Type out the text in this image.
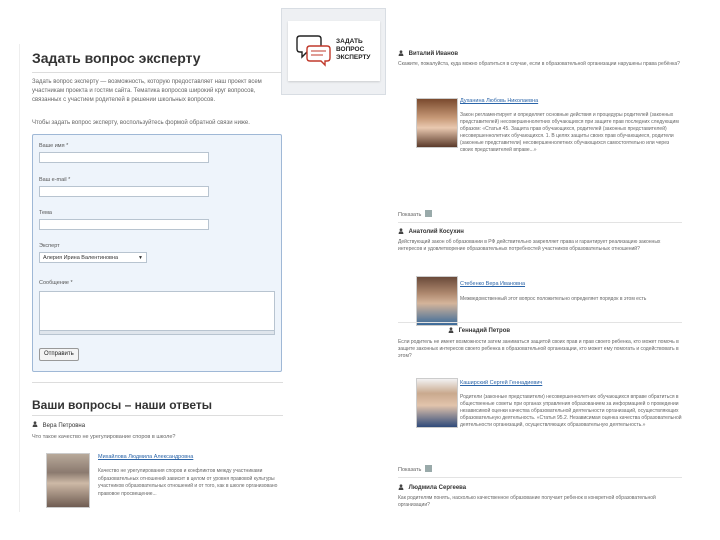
Задать вопрос эксперту
Задать вопрос эксперту — возможность, которую предоставляет наш проект всем участникам проекта и гостям сайта. Тематика вопросов широкий круг вопросов, связанных с участием родителей в решении школьных вопросов.
Чтобы задать вопрос эксперту, воспользуйтесь формой обратной связи ниже.
Ваше имя *
Ваш e-mail *
Тема
Эксперт
Алерия Ирина Валентиновна	▼
Сообщение *
Отправить
Ваши вопросы – наши ответы
Вера Петровна
Что такое качество не урегулирование споров в школе?
Михайлова Людмила Александровна
Качество не урегулирования споров и конфликтов между участниками образовательных отношений зависит в целом от уровня правовой культуры участников образовательных отношений и от того, как в школе организовано правовое просвещение...
ЗАДАТЬ
ВОПРОС
ЭКСПЕРТУ	Виталий Иванов
Скажите, пожалуйста, куда можно обратиться в случае, если в образовательной организации нарушены права ребёнка?
Духанина Любовь Николаевна
Закон регламентирует и определяет основные действия и процедуры родителей (законных представителей) несовершеннолетних обучающихся при защите прав последних следующим образом: «Статья 45. Защита прав обучающихся, родителей (законных представителей) несовершеннолетних обучающихся. 1. В целях защиты своих прав обучающиеся, родители (законные представители) несовершеннолетних обучающихся самостоятельно или через своих представителей вправе...»
Показать
Анатолий Косухин
Действующий закон об образовании в РФ действительно закрепляет права и гарантирует реализацию законных интересов и удовлетворение образовательных потребностей участников образовательных отношений?
Стебенко Вера Ивановна
Межведомственный этот вопрос положительно определяет порядок в этом есть
Геннадий Петров
Если родитель не имеет возможности затем заниматься защитой своих прав и прав своего ребенка, кто может помочь в защите законных интересов своего ребенка в образовательной организации, кто может ему помогать и содействовать в этом?
Каширский Сергей Геннадиевич
Родители (законные представители) несовершеннолетних обучающихся вправе обратиться в общественные советы при органах управления образованием за информацией о проведении независимой оценки качества образовательной деятельности организаций, осуществляющих образовательную деятельность. «Статья 95.2. Независимая оценка качества образовательной деятельности организаций, осуществляющих образовательную деятельность.»
Показать
Людмила Сергеева
Как родителям понять, насколько качественное образование получает ребенок в конкретной образовательной организации?
